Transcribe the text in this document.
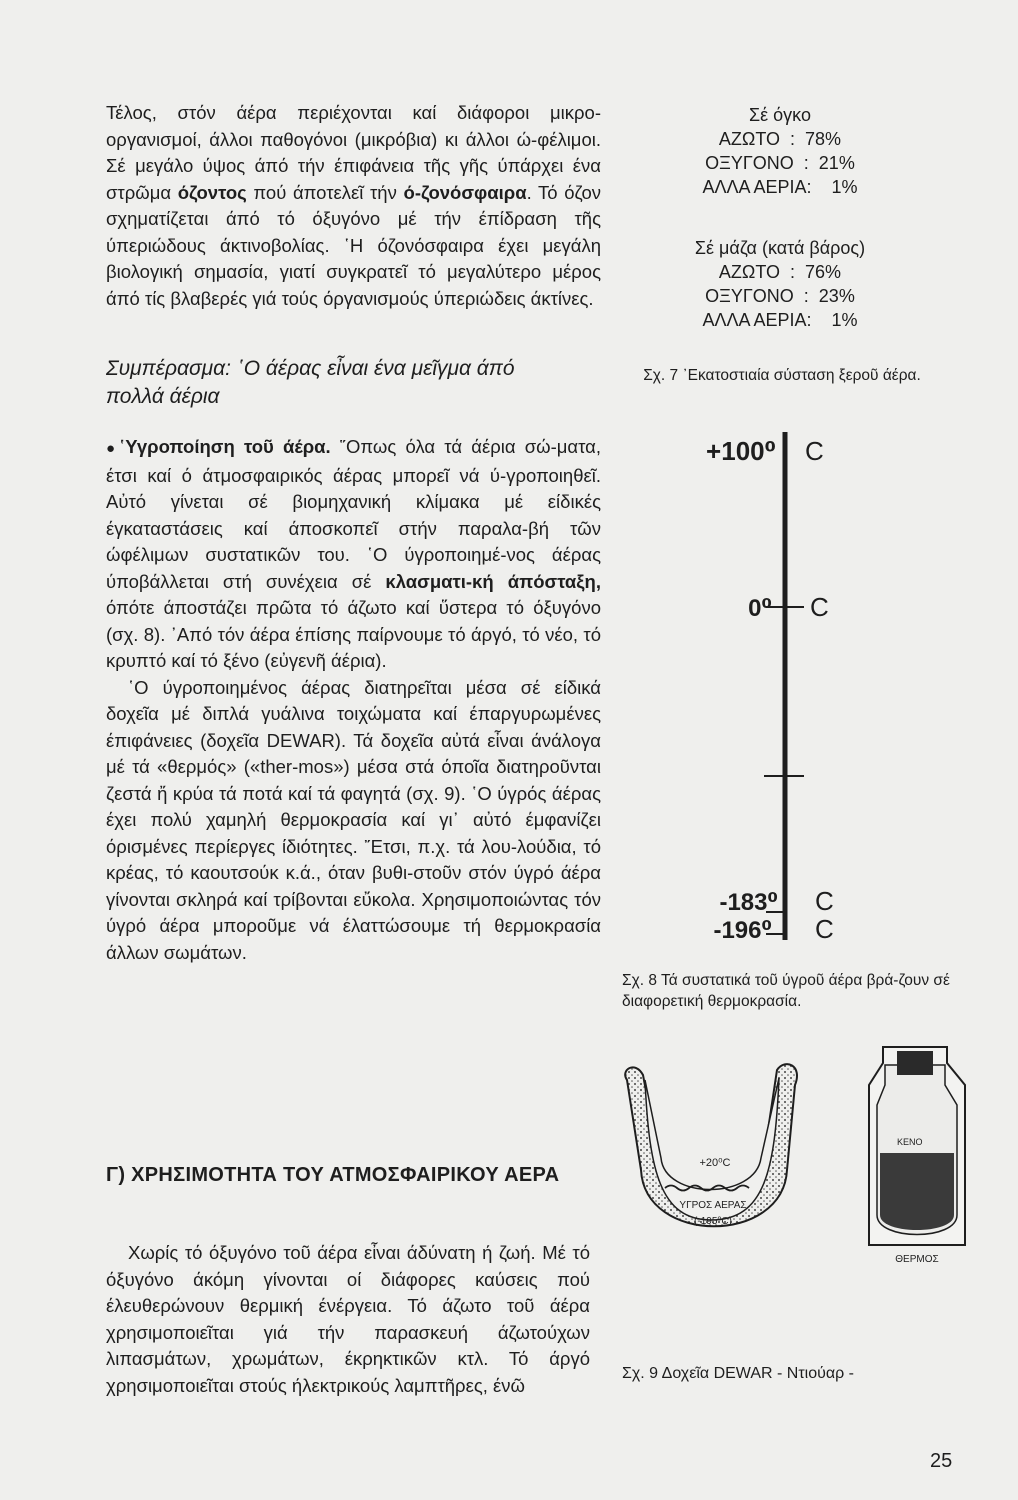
Τέλος, στόν άέρα περιέχονται καί διάφοροι μικρο-οργανισμοί, άλλοι παθογόνοι (μικρόβια) κι άλλοι ώ-φέλιμοι. Σέ μεγάλο ύψος άπό τήν έπιφάνεια τῆς γῆς ύπάρχει ένα στρῶμα όζοντος πού άποτελεῖ τήν ό-ζονόσφαιρα. Τό όζον σχηματίζεται άπό τό όξυγόνο μέ τήν έπίδραση τῆς ύπεριώδους άκτινοβολίας. ῾Η όζονόσφαιρα έχει μεγάλη βιολογική σημασία, γιατί συγκρατεῖ τό μεγαλύτερο μέρος άπό τίς βλαβερές γιά τούς όργανισμούς ύπεριώδεις άκτίνες.

Συμπέρασμα: ῾Ο άέρας εἶναι ένα μεῖγμα άπό πολλά άέρια

●῾Υγροποίηση τοῦ άέρα. ῞Οπως όλα τά άέρια σώ-ματα, έτσι καί ό άτμοσφαιρικός άέρας μπορεῖ νά ύ-γροποιηθεῖ. Αὐτό γίνεται σέ βιομηχανική κλίμακα μέ είδικές έγκαταστάσεις καί άποσκοπεῖ στήν παραλα-βή τῶν ώφέλιμων συστατικῶν του. ῾Ο ύγροποιημέ-νος άέρας ύποβάλλεται στή συνέχεια σέ κλασματι-κή άπόσταξη, όπότε άποστάζει πρῶτα τό άζωτο καί ὕστερα τό όξυγόνο (σχ. 8). ᾽Από τόν άέρα έπίσης παίρνουμε τό άργό, τό νέο, τό κρυπτό καί τό ξένο (εὐγενῆ άέρια).

῾Ο ύγροποιημένος άέρας διατηρεῖται μέσα σέ είδικά δοχεῖα μέ διπλά γυάλινα τοιχώματα καί έπαργυρωμένες έπιφάνειες (δοχεῖα DEWAR). Τά δοχεῖα αὐτά εἶναι άνάλογα μέ τά «θερμός» («ther-mos») μέσα στά όποῖα διατηροῦνται ζεστά ἤ κρύα τά ποτά καί τά φαγητά (σχ. 9). ῾Ο ύγρός άέρας έχει πολύ χαμηλή θερμοκρασία καί γι᾽ αὐτό έμφανίζει όρισμένες περίεργες ίδιότητες. ῎Ετσι, π.χ. τά λου-λούδια, τό κρέας, τό καουτσούκ κ.ά., όταν βυθι-στοῦν στόν ύγρό άέρα γίνονται σκληρά καί τρίβονται εὔκολα. Χρησιμοποιώντας τόν ύγρό άέρα μποροῦμε νά έλαττώσουμε τή θερμοκρασία άλλων σωμάτων.

Γ) ΧΡΗΣΙΜΟΤΗΤΑ ΤΟΥ ΑΤΜΟΣΦΑΙΡΙΚΟΥ ΑΕΡΑ
Χωρίς τό όξυγόνο τοῦ άέρα εἶναι άδύνατη ή ζωή. Μέ τό όξυγόνο άκόμη γίνονται οί διάφορες καύσεις πού έλευθερώνουν θερμική ένέργεια. Τό άζωτο τοῦ άέρα χρησιμοποιεῖται γιά τήν παρασκευή άζωτούχων λιπασμάτων, χρωμάτων, έκρηκτικῶν κτλ. Τό άργό χρησιμοποιεῖται στούς ήλεκτρικούς λαμπτῆρες, ένῶ
Σέ όγκο
ΑΖΩΤΟ  :  78%
ΟΞΥΓΟΝΟ  :  21%
ΑΛΛΑ ΑΕΡΙΑ:    1%
Σέ μάζα (κατά βάρος)
ΑΖΩΤΟ  :  76%
ΟΞΥΓΟΝΟ  :  23%
ΑΛΛΑ ΑΕΡΙΑ:    1%
Σχ. 7 ᾽Εκατοστιαία σύσταση ξεροῦ άέρα.
+100⁰ C
0⁰ C
-183⁰ C
-196⁰ C
Σχ. 8 Τά συστατικά τοῦ ύγροῦ άέρα βρά-ζουν σέ διαφορετική θερμοκρασία.
+20⁰C
ΥΓΡΟΣ ΑΕΡΑΣ
(-195⁰C)
ΚΕΝΟ
ΘΕΡΜΟΣ
Σχ. 9 Δοχεῖα DEWAR - Ντιούαρ -
25
